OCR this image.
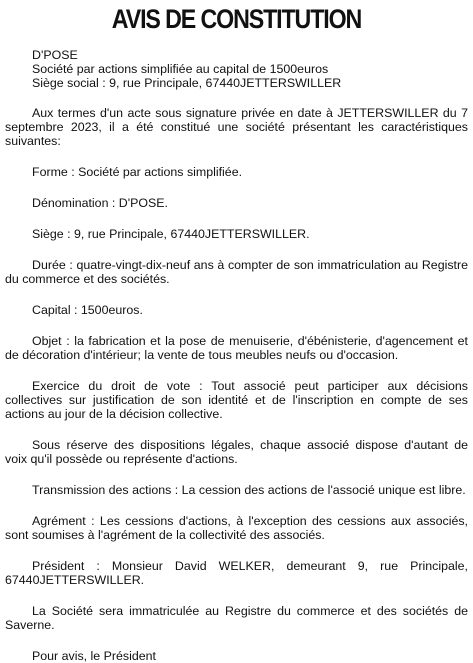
AVIS DE CONSTITUTION
D'POSE
Société par actions simplifiée au capital de 1500euros
Siège social : 9, rue Principale, 67440JETTERSWILLER

Aux termes d'un acte sous signature privée en date à JETTERSWILLER du 7 septembre 2023, il a été constitué une société présentant les caractéristiques suivantes:

Forme : Société par actions simplifiée.

Dénomination : D'POSE.

Siège : 9, rue Principale, 67440JETTERSWILLER.

Durée : quatre-vingt-dix-neuf ans à compter de son immatriculation au Registre du commerce et des sociétés.

Capital : 1500euros.

Objet : la fabrication et la pose de menuiserie, d'ébénisterie, d'agencement et de décoration d'intérieur; la vente de tous meubles neufs ou d'occasion.

Exercice du droit de vote : Tout associé peut participer aux décisions collectives sur justification de son identité et de l'inscription en compte de ses actions au jour de la décision collective.

Sous réserve des dispositions légales, chaque associé dispose d'autant de voix qu'il possède ou représente d'actions.

Transmission des actions : La cession des actions de l'associé unique est libre.

Agrément : Les cessions d'actions, à l'exception des cessions aux associés, sont soumises à l'agrément de la collectivité des associés.

Président : Monsieur David WELKER, demeurant 9, rue Principale, 67440JETTERSWILLER.

La Société sera immatriculée au Registre du commerce et des sociétés de Saverne.

Pour avis, le Président
